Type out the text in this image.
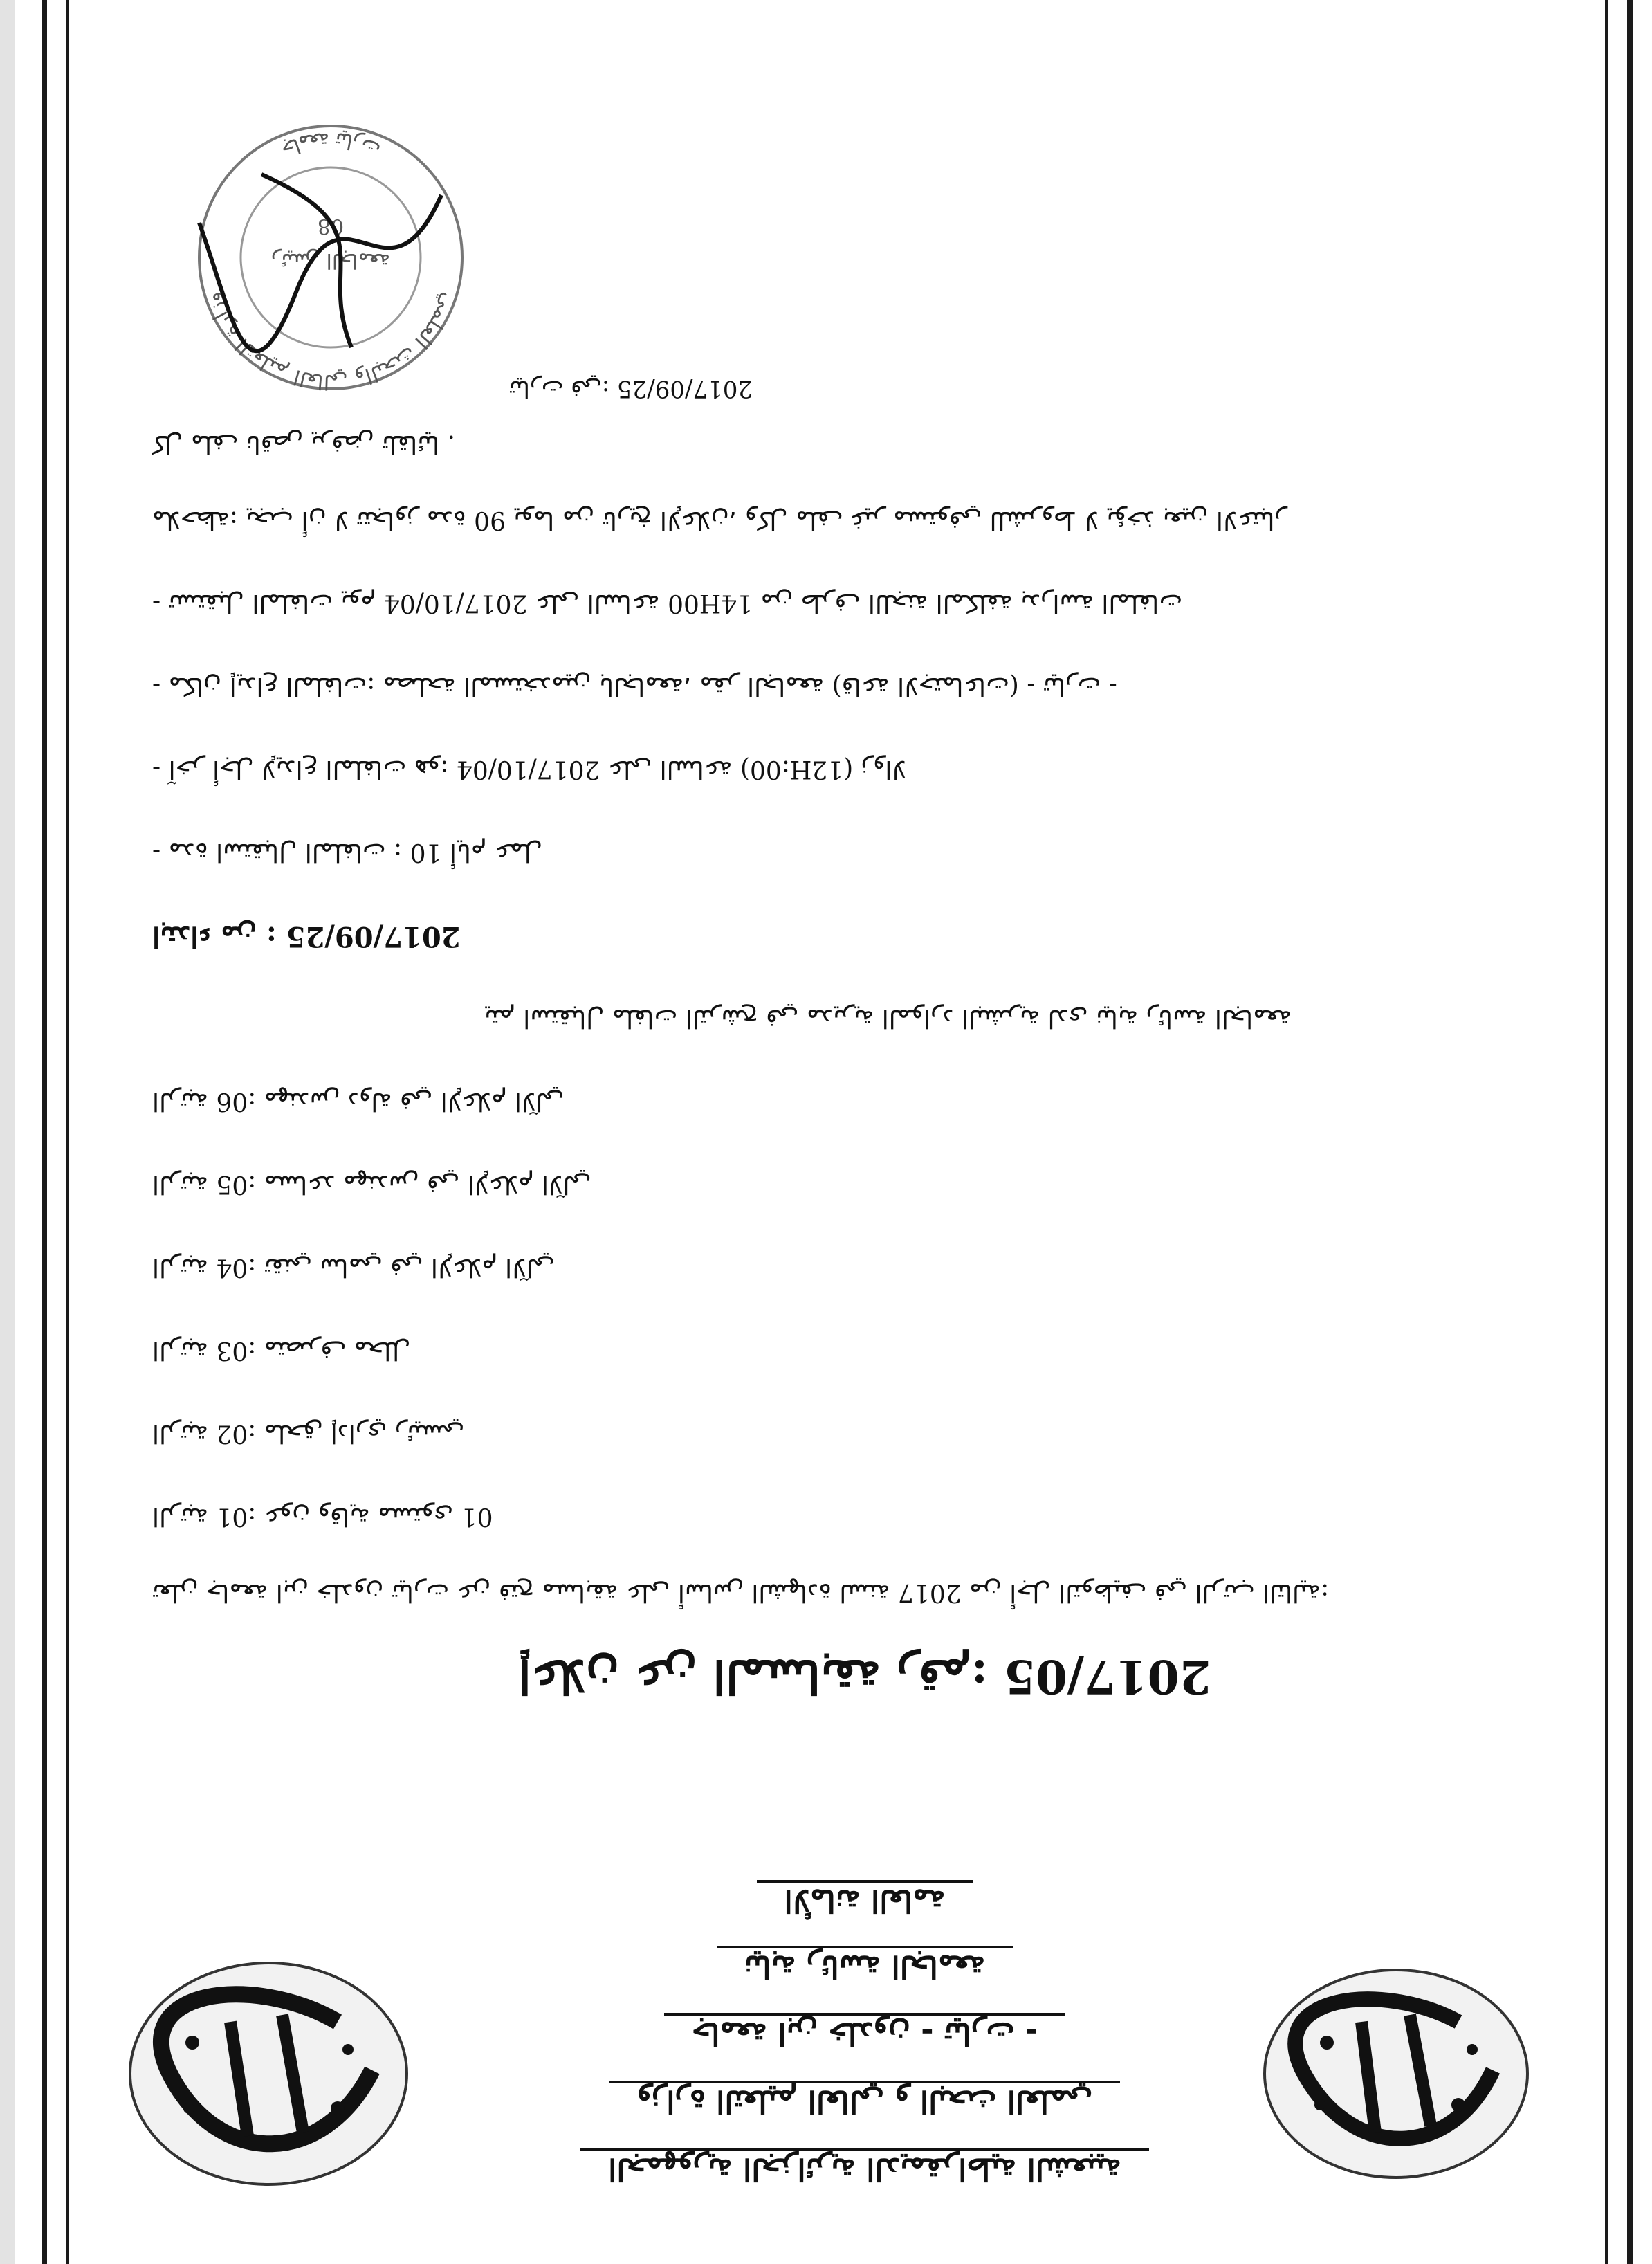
الجمهورية الجزائرية الديمقراطية الشعبية
وزارة التعليم العالي و البحث العلمي
جامعة ابن خلدون - تيارت -
نيابة رئاسة الجامعة
الأمانة العامة
إعلان عن المسابقة رقم: 2017/05
تعلن جامعة ابن خلدون تيارت عن فتح مسابقة على أساس الشهادة لسنة 2017 من أجل التوظيف في الرتب التالية:
الرتبة 01: عون وقاية مستوى 01
الرتبة 02: ملحق إداري رئيسي
الرتبة 03: متصرف محلل
الرتبة 04: تقني سامي في الإعلام الآلي
الرتبة 05: مساعد مهندس في الإعلام الآلي
الرتبة 06: مهندس دولة في الإعلام الآلي
يتم استقبال ملفات الترشح في مديرية الموارد البشرية لدى نيابة رئاسة الجامعة
ابتداء من : 2017/09/25
- مدة استقبال الملفات : 10 أيام عمل
- آخر أجل لإيداع الملفات هو: 2017/10/04 على الساعة (12H:00) زوالا
- مكان إيداع الملفات: مصلحة المستخدمين بالجامعة، مقر الجامعة (قاعة الاجتماعات) - تيارت -
- تستقبل الملفات يوم 2017/10/04 على الساعة 14H00 من طرف اللجنة المكلفة بدراسة الملفات
ملاحظة: يجب أن لا تتجاوز مدة 90 يوما من تاريخ الإعلان، وكل ملف غير مستوفي للشروط لا يؤخذ بعين الاعتبار
كل ملف ناقص يرفض تلقائيا .
تيارت في: 2017/09/25
وزارة التعليم العالي والبحث العلمي
جامعة تيارت
رئيس الجامعة
08
